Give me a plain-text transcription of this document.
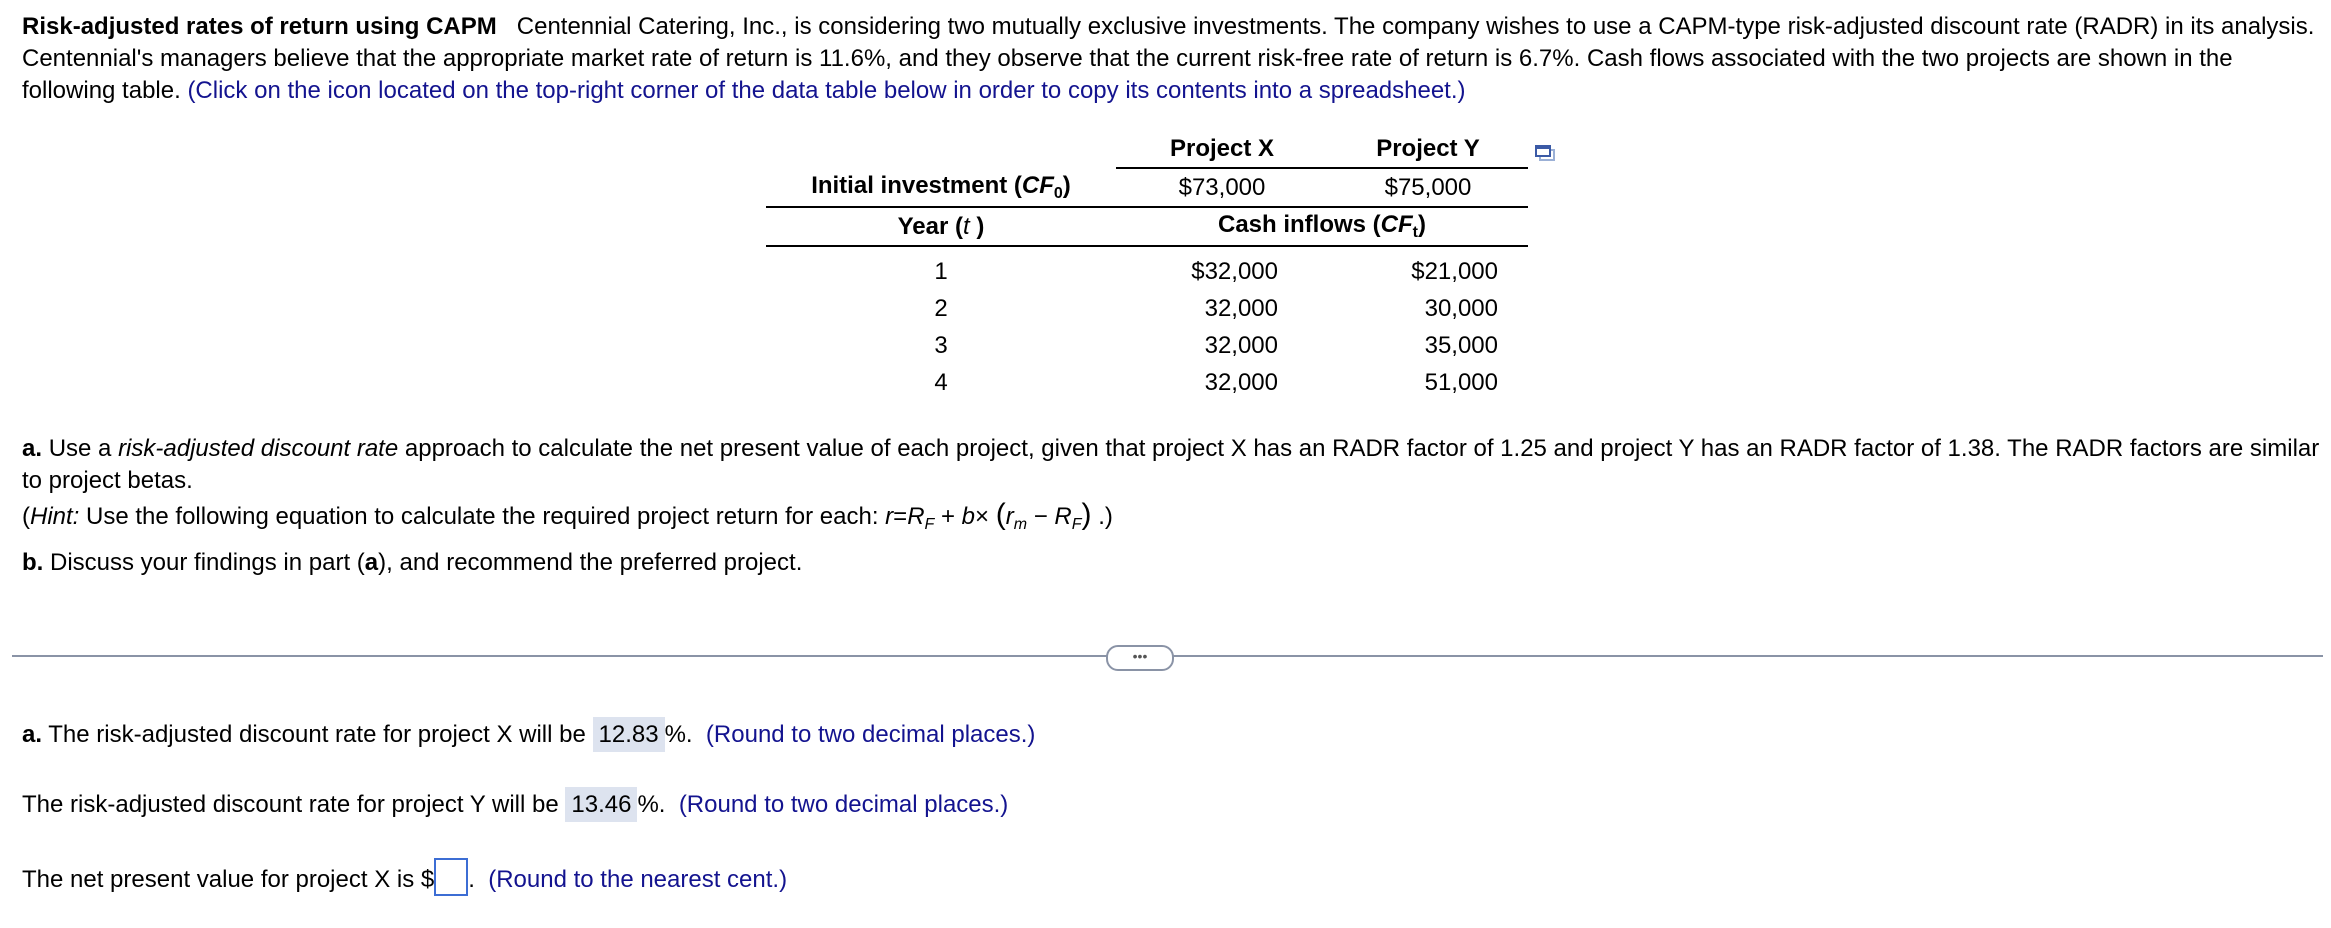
Risk-adjusted rates of return using CAPM Centennial Catering, Inc., is considering two mutually exclusive investments. The company wishes to use a CAPM-type risk-adjusted discount rate (RADR) in its analysis. Centennial's managers believe that the appropriate market rate of return is 11.6%, and they observe that the current risk-free rate of return is 6.7%. Cash flows associated with the two projects are shown in the following table. (Click on the icon located on the top-right corner of the data table below in order to copy its contents into a spreadsheet.)
	Project X	Project Y
Initial investment $(CF_0)$	$73,000	$75,000
Year (t )	Cash inflows $(CF_t)$	

1	$32,000	$21,000
2	32,000	30,000
3	32,000	35,000
4	32,000	51,000
a. Use a risk-adjusted discount rate approach to calculate the net present value of each project, given that project X has an RADR factor of 1.25 and project Y has an RADR factor of 1.38. The RADR factors are similar to project betas.
(Hint: Use the following equation to calculate the required project return for each: $r=R_F + b\times (r_m - R_F)$ .)
b. Discuss your findings in part (a), and recommend the preferred project.
•••
a. The risk-adjusted discount rate for project X will be 12.83 %. (Round to two decimal places.)
The risk-adjusted discount rate for project Y will be 13.46 %. (Round to two decimal places.)
The net present value for project X is $ . (Round to the nearest cent.)
